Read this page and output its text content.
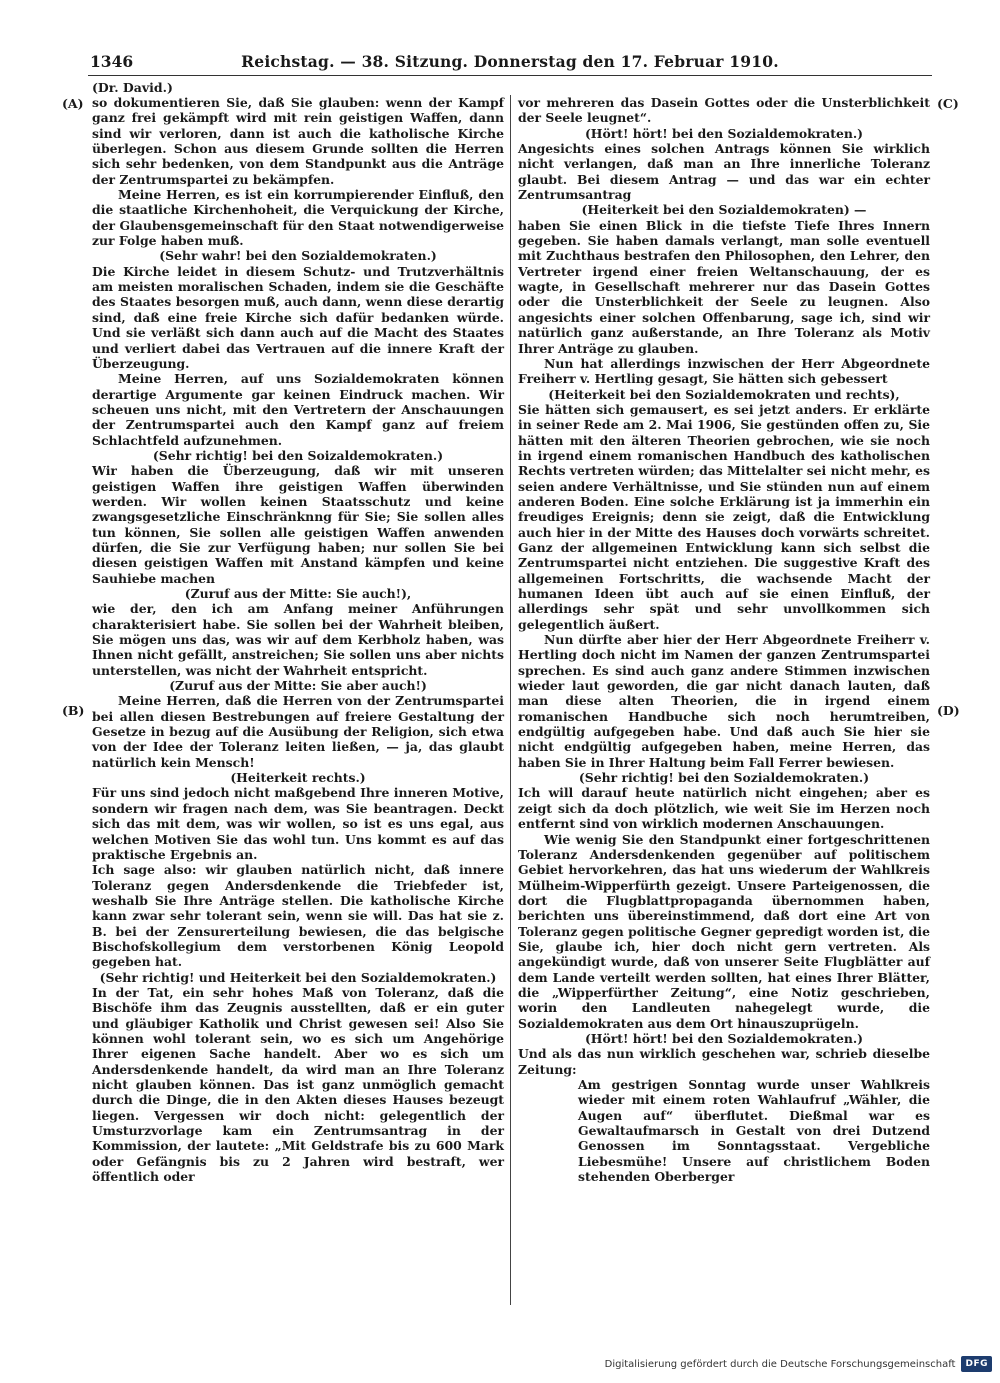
1346	Reichstag. — 38. Sitzung. Donnerstag den 17. Februar 1910.
(Dr. David.)
(A)
(B)
(C)
(D)

so dokumentieren Sie, daß Sie glauben: wenn der Kampf ganz frei gekämpft wird mit rein geistigen Waffen, dann sind wir verloren, dann ist auch die katholische Kirche überlegen. Schon aus diesem Grunde sollten die Herren sich sehr bedenken, von dem Standpunkt aus die Anträge der Zentrumspartei zu bekämpfen.

Meine Herren, es ist ein korrumpierender Einfluß, den die staatliche Kirchenhoheit, die Verquickung der Kirche, der Glaubensgemeinschaft für den Staat notwendigerweise zur Folge haben muß.

(Sehr wahr! bei den Sozialdemokraten.)

Die Kirche leidet in diesem Schutz- und Trutzverhältnis am meisten moralischen Schaden, indem sie die Geschäfte des Staates besorgen muß, auch dann, wenn diese derartig sind, daß eine freie Kirche sich dafür bedanken würde. Und sie verläßt sich dann auch auf die Macht des Staates und verliert dabei das Vertrauen auf die innere Kraft der Überzeugung.

Meine Herren, auf uns Sozialdemokraten können derartige Argumente gar keinen Eindruck machen. Wir scheuen uns nicht, mit den Vertretern der Anschauungen der Zentrumspartei auch den Kampf ganz auf freiem Schlachtfeld aufzunehmen.

(Sehr richtig! bei den Soizaldemokraten.)

Wir haben die Überzeugung, daß wir mit unseren geistigen Waffen ihre geistigen Waffen überwinden werden. Wir wollen keinen Staatsschutz und keine zwangsgesetzliche Einschränknng für Sie; Sie sollen alles tun können, Sie sollen alle geistigen Waffen anwenden dürfen, die Sie zur Verfügung haben; nur sollen Sie bei diesen geistigen Waffen mit Anstand kämpfen und keine Sauhiebe machen

(Zuruf aus der Mitte: Sie auch!),

wie der, den ich am Anfang meiner Anführungen charakterisiert habe. Sie sollen bei der Wahrheit bleiben, Sie mögen uns das, was wir auf dem Kerbholz haben, was Ihnen nicht gefällt, anstreichen; Sie sollen uns aber nichts unterstellen, was nicht der Wahrheit entspricht.

(Zuruf aus der Mitte: Sie aber auch!)

Meine Herren, daß die Herren von der Zentrumspartei bei allen diesen Bestrebungen auf freiere Gestaltung der Gesetze in bezug auf die Ausübung der Religion, sich etwa von der Idee der Toleranz leiten ließen, — ja, das glaubt natürlich kein Mensch!

(Heiterkeit rechts.)

Für uns sind jedoch nicht maßgebend Ihre inneren Motive, sondern wir fragen nach dem, was Sie beantragen. Deckt sich das mit dem, was wir wollen, so ist es uns egal, aus welchen Motiven Sie das wohl tun. Uns kommt es auf das praktische Ergebnis an.

Ich sage also: wir glauben natürlich nicht, daß innere Toleranz gegen Andersdenkende die Triebfeder ist, weshalb Sie Ihre Anträge stellen. Die katholische Kirche kann zwar sehr tolerant sein, wenn sie will. Das hat sie z. B. bei der Zensurerteilung bewiesen, die das belgische Bischofskollegium dem verstorbenen König Leopold gegeben hat.

(Sehr richtig! und Heiterkeit bei den Sozialdemokraten.)

In der Tat, ein sehr hohes Maß von Toleranz, daß die Bischöfe ihm das Zeugnis ausstellten, daß er ein guter und gläubiger Katholik und Christ gewesen sei! Also Sie können wohl tolerant sein, wo es sich um Angehörige Ihrer eigenen Sache handelt. Aber wo es sich um Andersdenkende handelt, da wird man an Ihre Toleranz nicht glauben können. Das ist ganz unmöglich gemacht durch die Dinge, die in den Akten dieses Hauses bezeugt liegen. Vergessen wir doch nicht: gelegentlich der Umsturzvorlage kam ein Zentrumsantrag in der Kommission, der lautete: „Mit Geldstrafe bis zu 600 Mark oder Gefängnis bis zu 2 Jahren wird bestraft, wer öffentlich oder

vor mehreren das Dasein Gottes oder die Unsterblichkeit der Seele leugnet“.

(Hört! hört! bei den Sozialdemokraten.)

Angesichts eines solchen Antrags können Sie wirklich nicht verlangen, daß man an Ihre innerliche Toleranz glaubt. Bei diesem Antrag — und das war ein echter Zentrumsantrag

(Heiterkeit bei den Sozialdemokraten) —

haben Sie einen Blick in die tiefste Tiefe Ihres Innern gegeben. Sie haben damals verlangt, man solle eventuell mit Zuchthaus bestrafen den Philosophen, den Lehrer, den Vertreter irgend einer freien Weltanschauung, der es wagte, in Gesellschaft mehrerer nur das Dasein Gottes oder die Unsterblichkeit der Seele zu leugnen. Also angesichts einer solchen Offenbarung, sage ich, sind wir natürlich ganz außerstande, an Ihre Toleranz als Motiv Ihrer Anträge zu glauben.

Nun hat allerdings inzwischen der Herr Abgeordnete Freiherr v. Hertling gesagt, Sie hätten sich gebessert

(Heiterkeit bei den Sozialdemokraten und rechts),

Sie hätten sich gemausert, es sei jetzt anders. Er erklärte in seiner Rede am 2. Mai 1906, Sie gestünden offen zu, Sie hätten mit den älteren Theorien gebrochen, wie sie noch in irgend einem romanischen Handbuch des katholischen Rechts vertreten würden; das Mittelalter sei nicht mehr, es seien andere Verhältnisse, und Sie stünden nun auf einem anderen Boden. Eine solche Erklärung ist ja immerhin ein freudiges Ereignis; denn sie zeigt, daß die Entwicklung auch hier in der Mitte des Hauses doch vorwärts schreitet. Ganz der allgemeinen Entwicklung kann sich selbst die Zentrumspartei nicht entziehen. Die suggestive Kraft des allgemeinen Fortschritts, die wachsende Macht der humanen Ideen übt auch auf sie einen Einfluß, der allerdings sehr spät und sehr unvollkommen sich gelegentlich äußert.

Nun dürfte aber hier der Herr Abgeordnete Freiherr v. Hertling doch nicht im Namen der ganzen Zentrumspartei sprechen. Es sind auch ganz andere Stimmen inzwischen wieder laut geworden, die gar nicht danach lauten, daß man diese alten Theorien, die in irgend einem romanischen Handbuche sich noch herumtreiben, endgültig aufgegeben habe. Und daß auch Sie hier sie nicht endgültig aufgegeben haben, meine Herren, das haben Sie in Ihrer Haltung beim Fall Ferrer bewiesen.

(Sehr richtig! bei den Sozialdemokraten.)

Ich will darauf heute natürlich nicht eingehen; aber es zeigt sich da doch plötzlich, wie weit Sie im Herzen noch entfernt sind von wirklich modernen Anschauungen.

Wie wenig Sie den Standpunkt einer fortgeschrittenen Toleranz Andersdenkenden gegenüber auf politischem Gebiet hervorkehren, das hat uns wiederum der Wahlkreis Mülheim-Wipperfürth gezeigt. Unsere Parteigenossen, die dort die Flugblattpropaganda übernommen haben, berichten uns übereinstimmend, daß dort eine Art von Toleranz gegen politische Gegner gepredigt worden ist, die Sie, glaube ich, hier doch nicht gern vertreten. Als angekündigt wurde, daß von unserer Seite Flugblätter auf dem Lande verteilt werden sollten, hat eines Ihrer Blätter, die „Wipperfürther Zeitung“, eine Notiz geschrieben, worin den Landleuten nahegelegt wurde, die Sozialdemokraten aus dem Ort hinauszuprügeln.

(Hört! hört! bei den Sozialdemokraten.)

Und als das nun wirklich geschehen war, schrieb dieselbe Zeitung:

Am gestrigen Sonntag wurde unser Wahlkreis wieder mit einem roten Wahlaufruf „Wähler, die Augen auf“ überflutet. Dießmal war es Gewaltaufmarsch in Gestalt von drei Dutzend Genossen im Sonntagsstaat. Vergebliche Liebesmühe! Unsere auf christlichem Boden stehenden Oberberger

Digitalisierung gefördert durch die Deutsche Forschungsgemeinschaft	DFG
